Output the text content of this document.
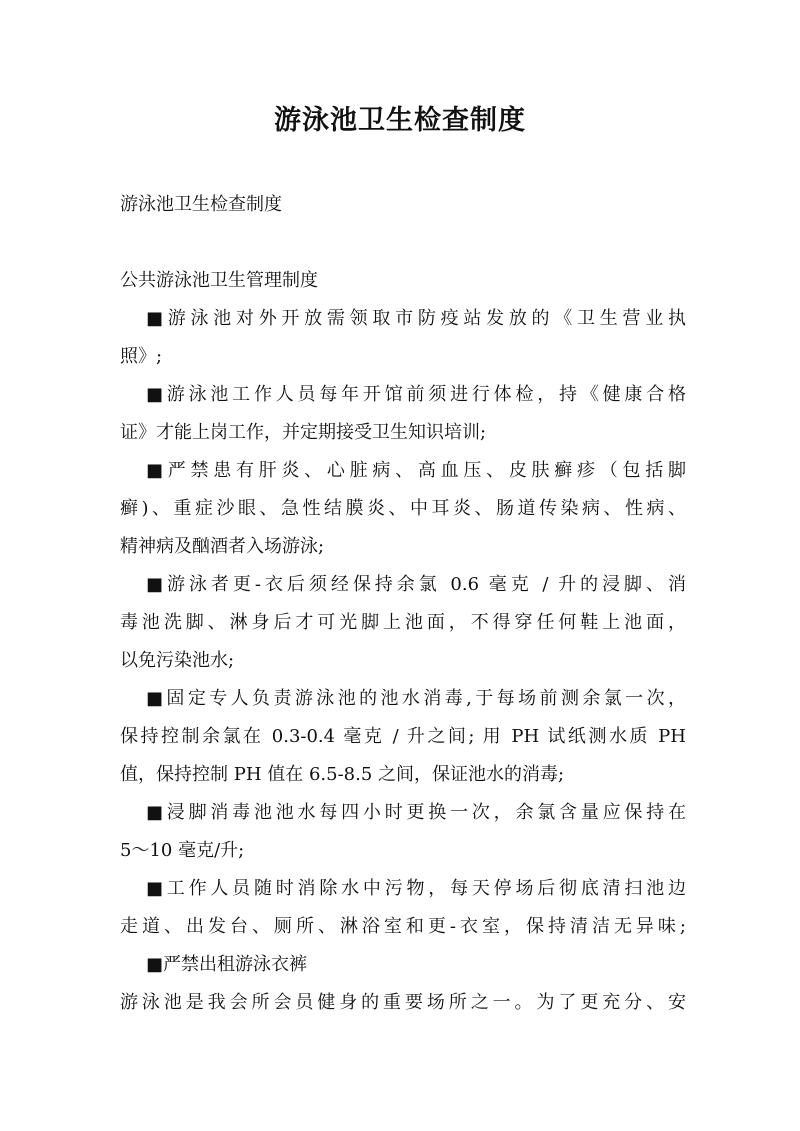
游泳池卫生检查制度
游泳池卫生检查制度
公共游泳池卫生管理制度
■游泳池对外开放需领取市防疫站发放的《卫生营业执
照》;
■游泳池工作人员每年开馆前须进行体检，持《健康合格
证》才能上岗工作，并定期接受卫生知识培训;
■严禁患有肝炎、心脏病、高血压、皮肤癣疹（包括脚
癣)、重症沙眼、急性结膜炎、中耳炎、肠道传染病、性病、
精神病及酗酒者入场游泳;
■游泳者更-衣后须经保持余氯 0.6 毫克 / 升的浸脚、消
毒池洗脚、淋身后才可光脚上池面，不得穿任何鞋上池面，
以免污染池水;
■固定专人负责游泳池的池水消毒,于每场前测余氯一次，
保持控制余氯在 0.3-0.4 毫克 / 升之间; 用 PH 试纸测水质 PH
值，保持控制 PH 值在 6.5-8.5 之间，保证池水的消毒;
■浸脚消毒池池水每四小时更换一次，余氯含量应保持在
5～10 毫克/升;
■工作人员随时消除水中污物，每天停场后彻底清扫池边
走道、出发台、厕所、淋浴室和更-衣室，保持清洁无异味;
■严禁出租游泳衣裤
游泳池是我会所会员健身的重要场所之一。为了更充分、安
